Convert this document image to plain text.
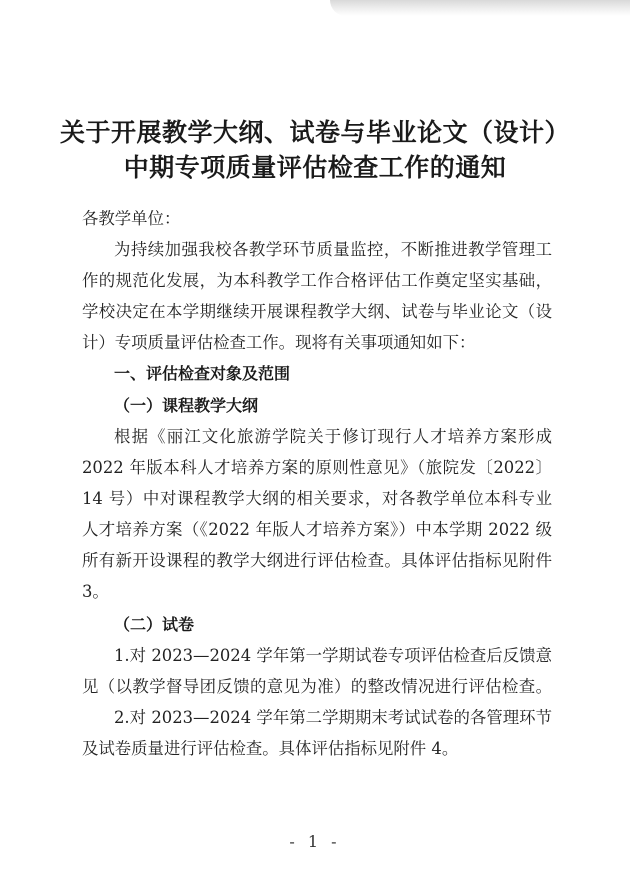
关于开展教学大纲、试卷与毕业论文（设计）
中期专项质量评估检查工作的通知
各教学单位：
为持续加强我校各教学环节质量监控，不断推进教学管理工
作的规范化发展，为本科教学工作合格评估工作奠定坚实基础，
学校决定在本学期继续开展课程教学大纲、试卷与毕业论文（设
计）专项质量评估检查工作。现将有关事项通知如下：
一、评估检查对象及范围
（一）课程教学大纲
根据《丽江文化旅游学院关于修订现行人才培养方案形成
2022 年版本科人才培养方案的原则性意见》（旅院发〔2022〕
14 号）中对课程教学大纲的相关要求，对各教学单位本科专业
人才培养方案（《2022 年版人才培养方案》）中本学期 2022 级
所有新开设课程的教学大纲进行评估检查。具体评估指标见附件
3。
（二）试卷
1.对 2023—2024 学年第一学期试卷专项评估检查后反馈意
见（以教学督导团反馈的意见为准）的整改情况进行评估检查。
2.对 2023—2024 学年第二学期期末考试试卷的各管理环节
及试卷质量进行评估检查。具体评估指标见附件 4。
- 1 -
